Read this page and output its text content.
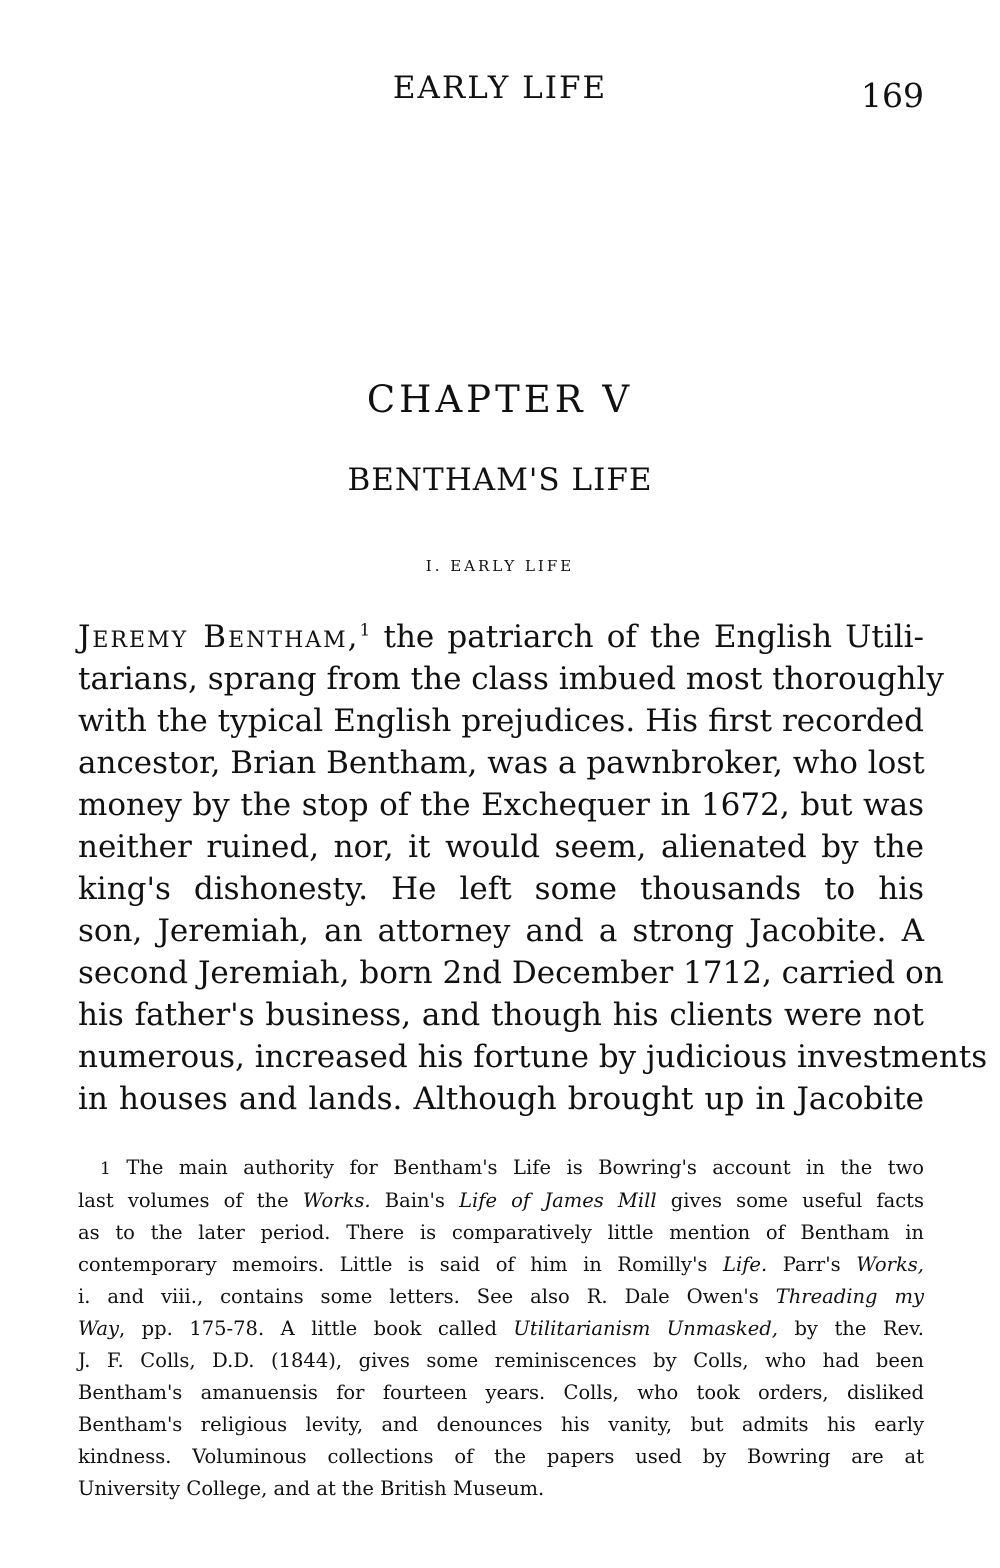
EARLY LIFE	169
CHAPTER V
BENTHAM'S LIFE
I. EARLY LIFE
Jeremy Bentham,$^1$ the patriarch of the English Utili-
tarians, sprang from the class imbued most thoroughly
with the typical English prejudices. His first recorded
ancestor, Brian Bentham, was a pawnbroker, who lost
money by the stop of the Exchequer in 1672, but was
neither ruined, nor, it would seem, alienated by the
king's dishonesty. He left some thousands to his
son, Jeremiah, an attorney and a strong Jacobite. A
second Jeremiah, born 2nd December 1712, carried on
his father's business, and though his clients were not
numerous, increased his fortune by judicious investments
in houses and lands. Although brought up in Jacobite
1 The main authority for Bentham's Life is Bowring's account in the two
last volumes of the Works. Bain's Life of James Mill gives some useful facts
as to the later period. There is comparatively little mention of Bentham in
contemporary memoirs. Little is said of him in Romilly's Life. Parr's Works,
i. and viii., contains some letters. See also R. Dale Owen's Threading my
Way, pp. 175-78. A little book called Utilitarianism Unmasked, by the Rev.
J. F. Colls, D.D. (1844), gives some reminiscences by Colls, who had been
Bentham's amanuensis for fourteen years. Colls, who took orders, disliked
Bentham's religious levity, and denounces his vanity, but admits his early
kindness. Voluminous collections of the papers used by Bowring are at
University College, and at the British Museum.
